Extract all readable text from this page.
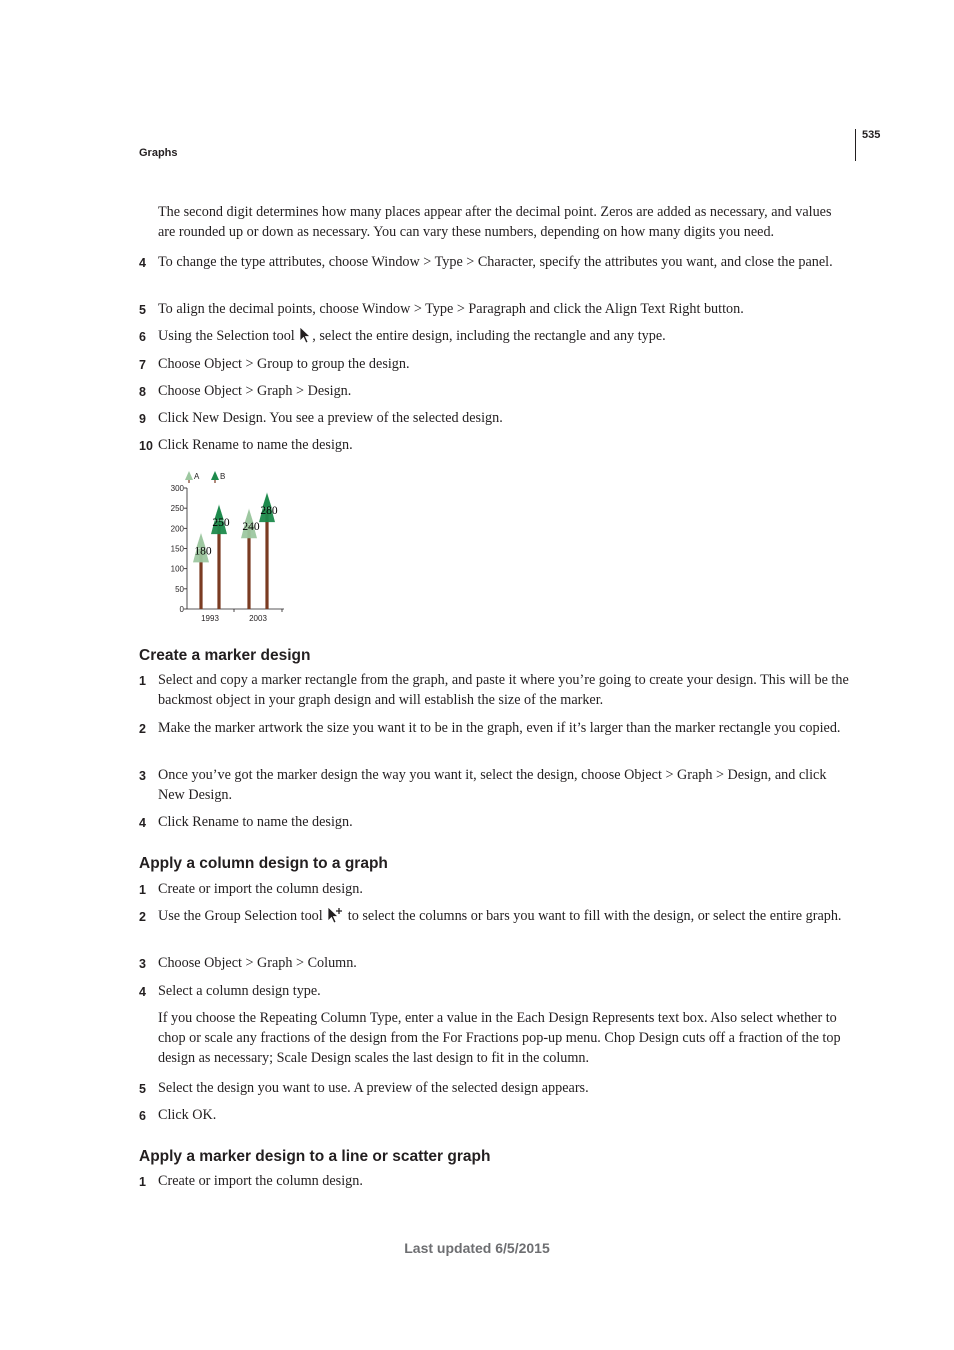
535
Graphs
The second digit determines how many places appear after the decimal point. Zeros are added as necessary, and values are rounded up or down as necessary. You can vary these numbers, depending on how many digits you need.
4 To change the type attributes, choose Window > Type > Character, specify the attributes you want, and close the panel.
5 To align the decimal points, choose Window > Type > Paragraph and click the Align Text Right button.
6 Using the Selection tool , select the entire design, including the rectangle and any type.
7 Choose Object > Group to group the design.
8 Choose Object > Graph > Design.
9 Click New Design. You see a preview of the selected design.
10 Click Rename to name the design.
A	B
0
50
100
150
200
250
300
1993	2003
180
250 240
280
Create a marker design
1 Select and copy a marker rectangle from the graph, and paste it where you’re going to create your design. This will be the backmost object in your graph design and will establish the size of the marker.
2 Make the marker artwork the size you want it to be in the graph, even if it’s larger than the marker rectangle you copied.
3 Once you’ve got the marker design the way you want it, select the design, choose Object > Graph > Design, and click New Design.
4 Click Rename to name the design.
Apply a column design to a graph
1 Create or import the column design.
2 Use the Group Selection tool  to select the columns or bars you want to fill with the design, or select the entire graph.
3 Choose Object > Graph > Column.
4 Select a column design type.
If you choose the Repeating Column Type, enter a value in the Each Design Represents text box. Also select whether to chop or scale any fractions of the design from the For Fractions pop-up menu. Chop Design cuts off a fraction of the top design as necessary; Scale Design scales the last design to fit in the column.
5 Select the design you want to use. A preview of the selected design appears.
6 Click OK.
Apply a marker design to a line or scatter graph
1 Create or import the column design.
Last updated 6/5/2015
